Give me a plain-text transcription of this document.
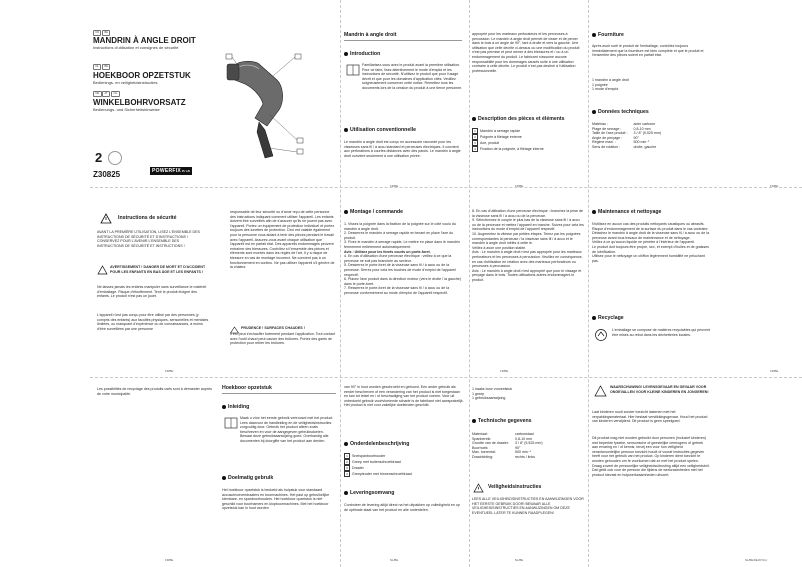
FR	BE
MANDRIN À ANGLE DROIT
Instructions d'utilisation et consignes de sécurité
NL	BE
HOEKBOOR OPZETSTUK
Bedienings- en veiligheidsinstructies
DE	AT	CH
WINKELBOHRVORSATZ
Bedienungs- und Sicherheitshinweise
2
Z30825	POWERFIXProfi
Mandrin à angle droit
Introduction
Familiarisez-vous avec le produit avant la première utilisation. Pour ce faire, lisez attentivement le mode d'emploi et les instructions de sécurité. N'utilisez le produit que pour l'usage décrit et que pour les domaines d'application cités. Veuillez soigneusement conserver cette notice. Remettez tous les documents lors de la cession du produit à une tierce personne.
Utilisation conventionnelle
Le mandrin à angle droit est conçu en accessoire raccordé pour les visseuses sans fil / à accu standard et perceuses électriques. Il convient aux perforations à courtes distances avec des parois. Le mandrin à angle droit convient seulement à une utilisation privée.
FR/BE
approprié pour les marteaux perforateurs et les perceuses à percussion. Le mandrin à angle droit permet de visser et de percer dans le bois à un angle de 90°, tant à droite et vers la gauche. Une utilisation que celle décrite ci-dessus ou une modification du produit n'est pas permise et peut mener à des blessures et / ou à un endommagement du produit. Le fabricant n'assume aucune responsabilité pour les dommages causés suite à une utilisation contraire à celle décrite. Le produit n'est pas destiné à l'utilisation professionnelle.
Description des pièces et éléments
1 Mandrin à serrage rapide
2 Poignée à filetage externe
3 Axe, produit
4 Fixation de la poignée, à filetage interne
FR/BE
Fourniture
Après avoir sorti le produit de l'emballage, contrôlez toujours immédiatement que la fourniture est bien complète et que le produit et l'ensemble des pièces soient en parfait état.
1 mandrin à angle droit
1 poignée
1 mode d'emploi
Données techniques
Matériau :	acier carbone
Plage de serrage :	0,8-10 mm
Taille de l'axe produit :	3 / 8" (9,525 mm)
Angle de perçage :	90°
Régime maxi. :	500 min⁻¹
Sens de rotation :	droite, gauche
FR/BE
Instructions de sécurité
AVANT LA PREMIÈRE UTILISATION, LISEZ L'ENSEMBLE DES INSTRUCTIONS DE SÉCURITÉ ET D'INSTRUCTIONS ! CONSERVEZ POUR L'AVENIR L'ENSEMBLE DES INSTRUCTIONS DE SÉCURITÉ ET INSTRUCTIONS !
AVERTISSEMENT ! DANGER DE MORT ET D'ACCIDENT POUR LES ENFANTS EN BAS ÂGE ET LES ENFANTS !
Ne laissez jamais les enfants manipuler sans surveillance le matériel d'emballage. Risque d'étouffement. Tenir le produit éloigné des enfants. Le produit n'est pas un jouet.
L'appareil n'est pas conçu pour être utilisé par des personnes (y compris des enfants) aux facultés physiques, sensorielles et mentales limitées, ou manquant d'expérience ou de connaissances, à moins d'être surveillées par une personne
responsable de leur sécurité ou d'avoir reçu de cette personne des instructions indiquant comment utiliser l'appareil. Les enfants doivent être surveillés afin de s'assurer qu'ils ne jouent pas avec l'appareil. Portez un équipement de protection individuel et portez toujours des lunettes de protection. Ceci est valable également pour la personne vous aidant à tenir des pièces pendant le travail avec l'appareil. Assurez-vous avant chaque utilisation que l'appareil est en parfait état. Des appareils endommagés peuvent entraîner des blessures. Contrôlez si l'ensemble des pièces et éléments sont montés dans les règles de l'art. Il y a risque de blessure en cas de montage incorrect. Ne convient pas à un fonctionnement en continu. Ne pas utiliser l'appareil s'il génère de la chaleur.
PRUDENCE ! SURFACES CHAUDES !
Il est peut s'échauffer fortement pendant l'application. Tout contact avec l'outil chaud peut causer des brûlures. Portez des gants de protection pour retirer les brûlures.
FR/BE
Montage / commande
1. Vissez la poignée dans la fixation de la poignée sur le côté voulu du mandrin à angle droit.
2. Desserrez le mandrin à serrage rapide en tenant en place l'axe du produit.
3. Fixez le mandrin à serrage rapide. Le mettre en place dans le mandrin fermement entièrement automatiquement.
Avis : Utilisez pour les forets courts un porte-foret.
4. En cas d'utilisation d'une perceuse électrique : veillez à ce que la perceuse ne soit pas branchée au secteur.
5. Desserrez le porte-foret de la visseuse sans fil / à accu ou de la perceuse. Serrez pour cela les touches de mode d'emploi de l'appareil respectif.
6. Placez l'axe produit dans la direction moteur (vers le droite / la gauche) dans le porte-foret.
7. Resserrez le porte-foret de la visseuse sans fil / à accu ou de la perceuse conformément au mode d'emploi de l'appareil respectif.
8. En cas d'utilisation d'une perceuse électrique : branchez la prise de la visseuse sans fil / à accu ou de la perceuse.
9. Sélectionnez le couple le plus bas de la visseuse sans fil / à accu ou de la perceuse et mettez l'appareil en marche. Suivez pour cela les instructions du mode d'emploi de l'appareil respectif.
10. Augmentez la vitesse par petites étapes. Tenez par les poignées correspondantes la perceuse / la visseuse sans fil / à accu et le mandrin à angle droit mêlés à cette le.
Veillez à avoir une position stable.
Avis : Le mandrin à angle droit n'est pas approprié pour les marteaux perforateurs et les perceuses à percussion. Veuillez en conséquence, en cas d'utilisation en relation avec des marteaux perforateurs ou perceuses à percussion.
Avis : Le mandrin à angle droit n'est approprié que pour le vissage et perçage dans le bois. Toutes utilisations autres endommagent le produit.
FR/BE
Maintenance et nettoyage
N'utilisez en aucun cas des produits nettoyants caustiques ou abrasifs. Risque d'endommagement de la surface du produit dans le cas contraire.
Détachez le mandrin à angle droit de la visseuse sans fil / à accu ou de la perceuse avant tous travaux de maintenance et de nettoyage.
Veillez à ce qu'aucun liquide ne pénètre à l'intérieur de l'appareil.
Le produit doit toujours être propre, sec, et exempt d'huiles et de graisses de lubrification.
Utilisez pour le nettoyage un chiffon légèrement humidifié ne peluchant pas.
Recyclage
L'emballage se compose de matières recyclables qui peuvent être mises au rebut dans les déchetteries locales.
FR/BE
Les possibilités de recyclage des produits usés sont à demander auprès de votre municipalité.
FR/BE
Hoekboor opzetstuk
Inleiding
Maak u vóór het eerste gebruik vertrouwd met het product. Lees daarvoor de handleiding en de veiligheidsinstructies zorgvuldig door. Gebruik het product alleen zoals beschreven en voor de aangegeven gebruiksdoelen. Bewaar deze gebruiksaanwijzing goed. Overhandig alle documenten bij doorgifte van het product aan derden.
Doelmatig gebruik
Het hoekboor opzetstuk is bedoeld als hulpstuk voor standaard accuschroevendraaiers en boormachines. Het past op gebruikelijke klembare- en spanboorhouders. Het hoekboor opzetstuk is niet geschikt voor boorhamers en klopboormachines. Met het hoekboor opzetstuk kan in hout worden
van 90° in hout worden geschroefd en geboord. Een ander gebruik als eerder beschreven of een verandering van het product is niet toegestaan en kan tot letsel en / of beschadiging van het product voeren. Voor uit onbedoeld gebruik voortvloeiende schade is de fabrikant niet aansprakelijk. Het product is niet voor zakelijke doeleinden geschikt.
Onderdelenbeschrijving
1 Snelspanboorhouder
2 Greep met buitenschroefdraad
3 Draaier
4 Greepleuder met binnenschroefdraad
Leveringsomvang
Controleer de levering altijd direct na het uitpakken op volledigheid en op de optimale staat van het product en alle onderdelen.
NL/BE
1 haaks boor voorzetstuk
1 greep
1 gebruiksaanwijzing
Technische gegevens
Materiaal:	carbonstaal
Spanbereik:	0,8-10 mm
Grootte van de draaier:	3 / 8" (9,525 mm)
Boorhoek:	90°
Max. toerental:	500 min⁻¹
Draairichting:	rechts / links
Veiligheidsinstructies
LEES ALLE VEILIGHEIDSINSTRUCTIES EN AANWIJZINGEN VOOR HET EERSTE GEBRUIK DOOR! BEWAAR ALLE VEILIGHEIDSINSTRUCTIES EN AANWIJZINGEN OM DEZE EVENTUEEL LATER TE KUNNEN RAADPLEGEN!
NL/BE
WAARSCHUWING! LEVENSGEVAAR EN GEVAAR VOOR ONGEVALLEN VOOR KLEINE KINDEREN EN JONGEREN!
Laat kinderen nooit zonder toezicht lastenen met het verpakkingsmateriaal. Hier bestaat verstikkingsgevaar. Houd het product van kinderen verwijderd. Dit product is geen speelgoed.
Dit product mag niet worden gebruikt door personen (inclusief kinderen) met beperkte fysieke, sensorische of geestelijke vermogens of gebrek aan ervaring en / of kennis, tenzij een voor hun veiligheid verantwoordelijke persoon toezicht houdt of vooraf instructies gegeven heeft voor het gebruik van het product. Op kinderen dient toezicht te worden gehouden om te voorkomen dat ze met het product spelen.
Draag zoveel de persoonlijke veiligheidsuitrusting altijd een veiligheidsbril. Dat geldt ook voor de persoon die tijdens de werkzaamheden met het product stevast en hulpwerkzaamheden uitvoert.
NL/BE/DE/AT/CH
